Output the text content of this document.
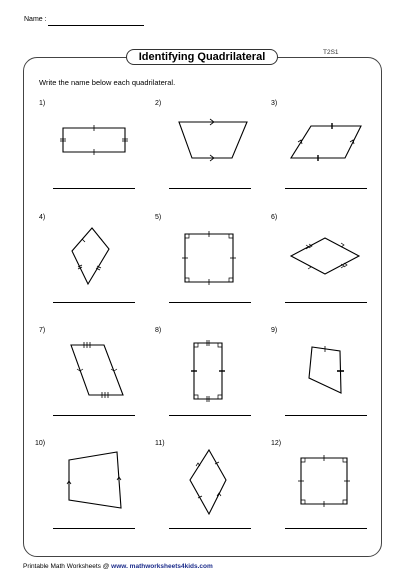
Name :
Identifying Quadrilateral	T2S1
Write the name below each quadrilateral.
1)	2)	3)
4)	5)	6)
7)	8)	9)
10)	11)	12)
Printable Math Worksheets @ www. mathworksheets4kids.com
